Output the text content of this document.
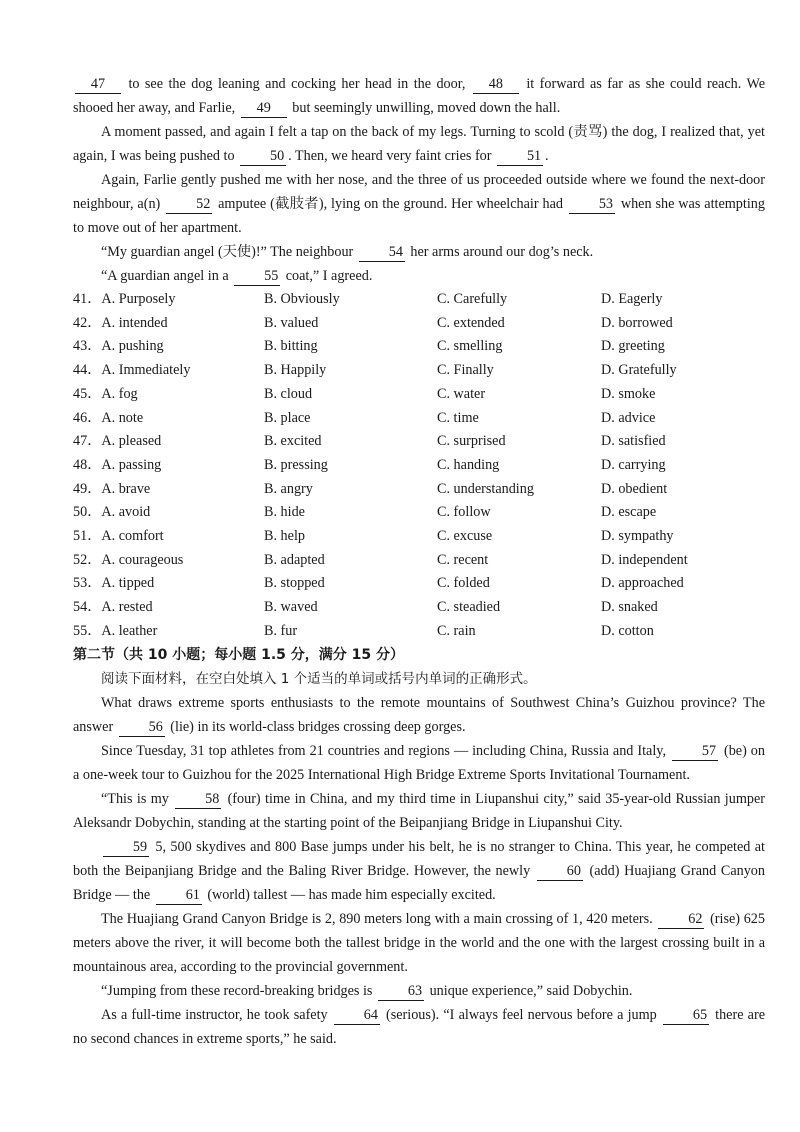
47 to see the dog leaning and cocking her head in the door, 48 it forward as far as she could reach. We shooed her away, and Farlie, 49 but seemingly unwilling, moved down the hall.

A moment passed, and again I felt a tap on the back of my legs. Turning to scold (责骂) the dog, I realized that, yet again, I was being pushed to 50 . Then, we heard very faint cries for 51 .

Again, Farlie gently pushed me with her nose, and the three of us proceeded outside where we found the next-door neighbour, a(n) 52 amputee (截肢者), lying on the ground. Her wheelchair had 53 when she was attempting to move out of her apartment.

“My guardian angel (天使)!” The neighbour 54 her arms around our dog’s neck.

“A guardian angel in a 55 coat,” I agreed.

41．A. Purposely	B. Obviously	C. Carefully	D. Eagerly
42．A. intended	B. valued	C. extended	D. borrowed
43．A. pushing	B. bitting	C. smelling	D. greeting
44．A. Immediately	B. Happily	C. Finally	D. Gratefully
45．A. fog	B. cloud	C. water	D. smoke
46．A. note	B. place	C. time	D. advice
47．A. pleased	B. excited	C. surprised	D. satisfied
48．A. passing	B. pressing	C. handing	D. carrying
49．A. brave	B. angry	C. understanding	D. obedient
50．A. avoid	B. hide	C. follow	D. escape
51．A. comfort	B. help	C. excuse	D. sympathy
52．A. courageous	B. adapted	C. recent	D. independent
53．A. tipped	B. stopped	C. folded	D. approached
54．A. rested	B. waved	C. steadied	D. snaked
55．A. leather	B. fur	C. rain	D. cotton
第二节（共 10 小题；每小题 1.5 分，满分 15 分）
阅读下面材料，在空白处填入 1 个适当的单词或括号内单词的正确形式。

What draws extreme sports enthusiasts to the remote mountains of Southwest China’s Guizhou province? The answer 56 (lie) in its world-class bridges crossing deep gorges.

Since Tuesday, 31 top athletes from 21 countries and regions — including China, Russia and Italy, 57 (be) on a one-week tour to Guizhou for the 2025 International High Bridge Extreme Sports Invitational Tournament.

“This is my 58 (four) time in China, and my third time in Liupanshui city,” said 35-year-old Russian jumper Aleksandr Dobychin, standing at the starting point of the Beipanjiang Bridge in Liupanshui City.

59 5, 500 skydives and 800 Base jumps under his belt, he is no stranger to China. This year, he competed at both the Beipanjiang Bridge and the Baling River Bridge. However, the newly 60 (add) Huajiang Grand Canyon Bridge — the 61 (world) tallest — has made him especially excited.

The Huajiang Grand Canyon Bridge is 2, 890 meters long with a main crossing of 1, 420 meters. 62 (rise) 625 meters above the river, it will become both the tallest bridge in the world and the one with the largest crossing built in a mountainous area, according to the provincial government.

“Jumping from these record-breaking bridges is 63 unique experience,” said Dobychin.

As a full-time instructor, he took safety 64 (serious). “I always feel nervous before a jump 65 there are no second chances in extreme sports,” he said.
